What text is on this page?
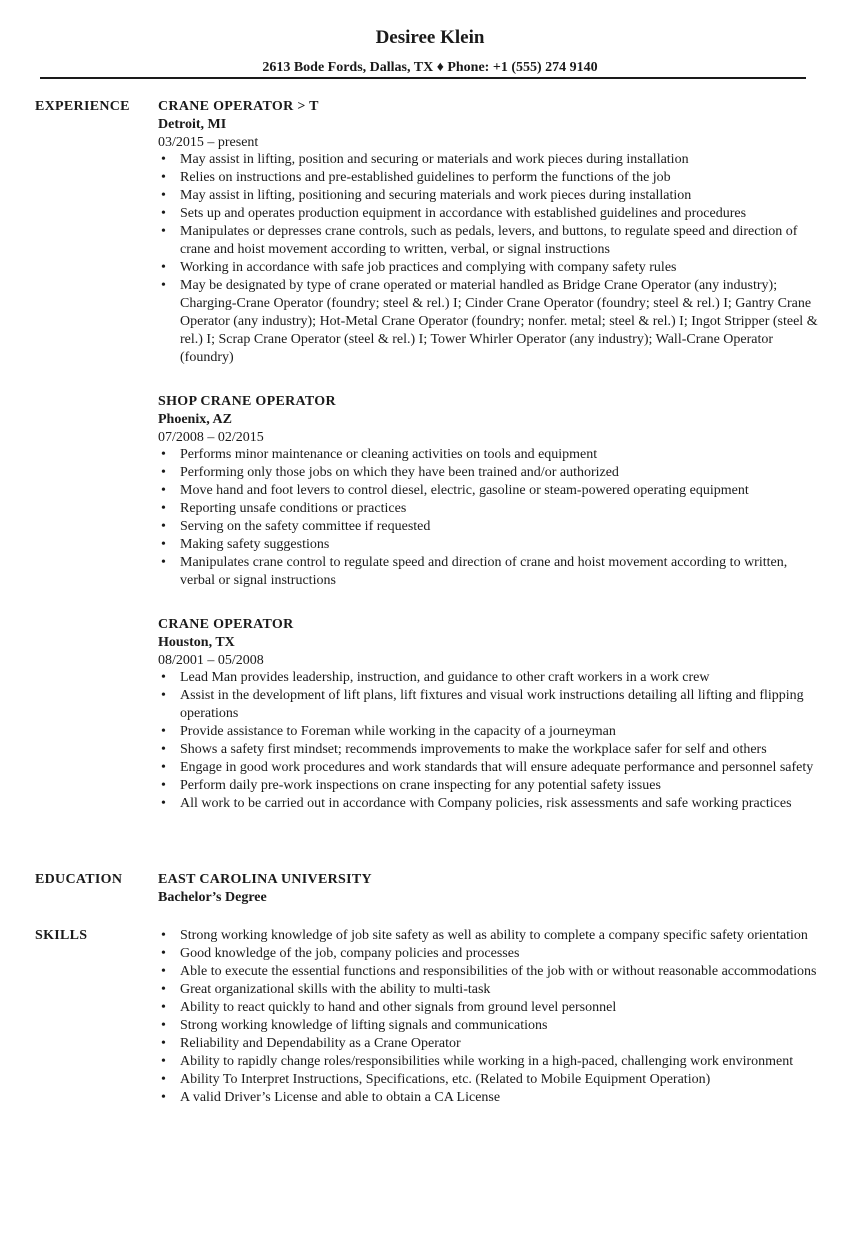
Desiree Klein
2613 Bode Fords, Dallas, TX ♦ Phone: +1 (555) 274 9140
EXPERIENCE CRANE OPERATOR > T
Detroit, MI
03/2015 – present
• May assist in lifting, position and securing or materials and work pieces during installation
• Relies on instructions and pre-established guidelines to perform the functions of the job
• May assist in lifting, positioning and securing materials and work pieces during installation
• Sets up and operates production equipment in accordance with established guidelines and procedures
• Manipulates or depresses crane controls, such as pedals, levers, and buttons, to regulate speed and direction of crane and hoist movement according to written, verbal, or signal instructions
• Working in accordance with safe job practices and complying with company safety rules
• May be designated by type of crane operated or material handled as Bridge Crane Operator (any industry); Charging-Crane Operator (foundry; steel & rel.) I; Cinder Crane Operator (foundry; steel & rel.) I; Gantry Crane Operator (any industry); Hot-Metal Crane Operator (foundry; nonfer. metal; steel & rel.) I; Ingot Stripper (steel & rel.) I; Scrap Crane Operator (steel & rel.) I; Tower Whirler Operator (any industry); Wall-Crane Operator (foundry)
SHOP CRANE OPERATOR
Phoenix, AZ
07/2008 – 02/2015
• Performs minor maintenance or cleaning activities on tools and equipment
• Performing only those jobs on which they have been trained and/or authorized
• Move hand and foot levers to control diesel, electric, gasoline or steam-powered operating equipment
• Reporting unsafe conditions or practices
• Serving on the safety committee if requested
• Making safety suggestions
• Manipulates crane control to regulate speed and direction of crane and hoist movement according to written, verbal or signal instructions
CRANE OPERATOR
Houston, TX
08/2001 – 05/2008
• Lead Man provides leadership, instruction, and guidance to other craft workers in a work crew
• Assist in the development of lift plans, lift fixtures and visual work instructions detailing all lifting and flipping operations
• Provide assistance to Foreman while working in the capacity of a journeyman
• Shows a safety first mindset; recommends improvements to make the workplace safer for self and others
• Engage in good work procedures and work standards that will ensure adequate performance and personnel safety
• Perform daily pre-work inspections on crane inspecting for any potential safety issues
• All work to be carried out in accordance with Company policies, risk assessments and safe working practices
EDUCATION	EAST CAROLINA UNIVERSITY
Bachelor’s Degree
SKILLS	• Strong working knowledge of job site safety as well as ability to complete a company specific safety orientation
• Good knowledge of the job, company policies and processes
• Able to execute the essential functions and responsibilities of the job with or without reasonable accommodations
• Great organizational skills with the ability to multi-task
• Ability to react quickly to hand and other signals from ground level personnel
• Strong working knowledge of lifting signals and communications
• Reliability and Dependability as a Crane Operator
• Ability to rapidly change roles/responsibilities while working in a high-paced, challenging work environment
• Ability To Interpret Instructions, Specifications, etc. (Related to Mobile Equipment Operation)
• A valid Driver’s License and able to obtain a CA License
